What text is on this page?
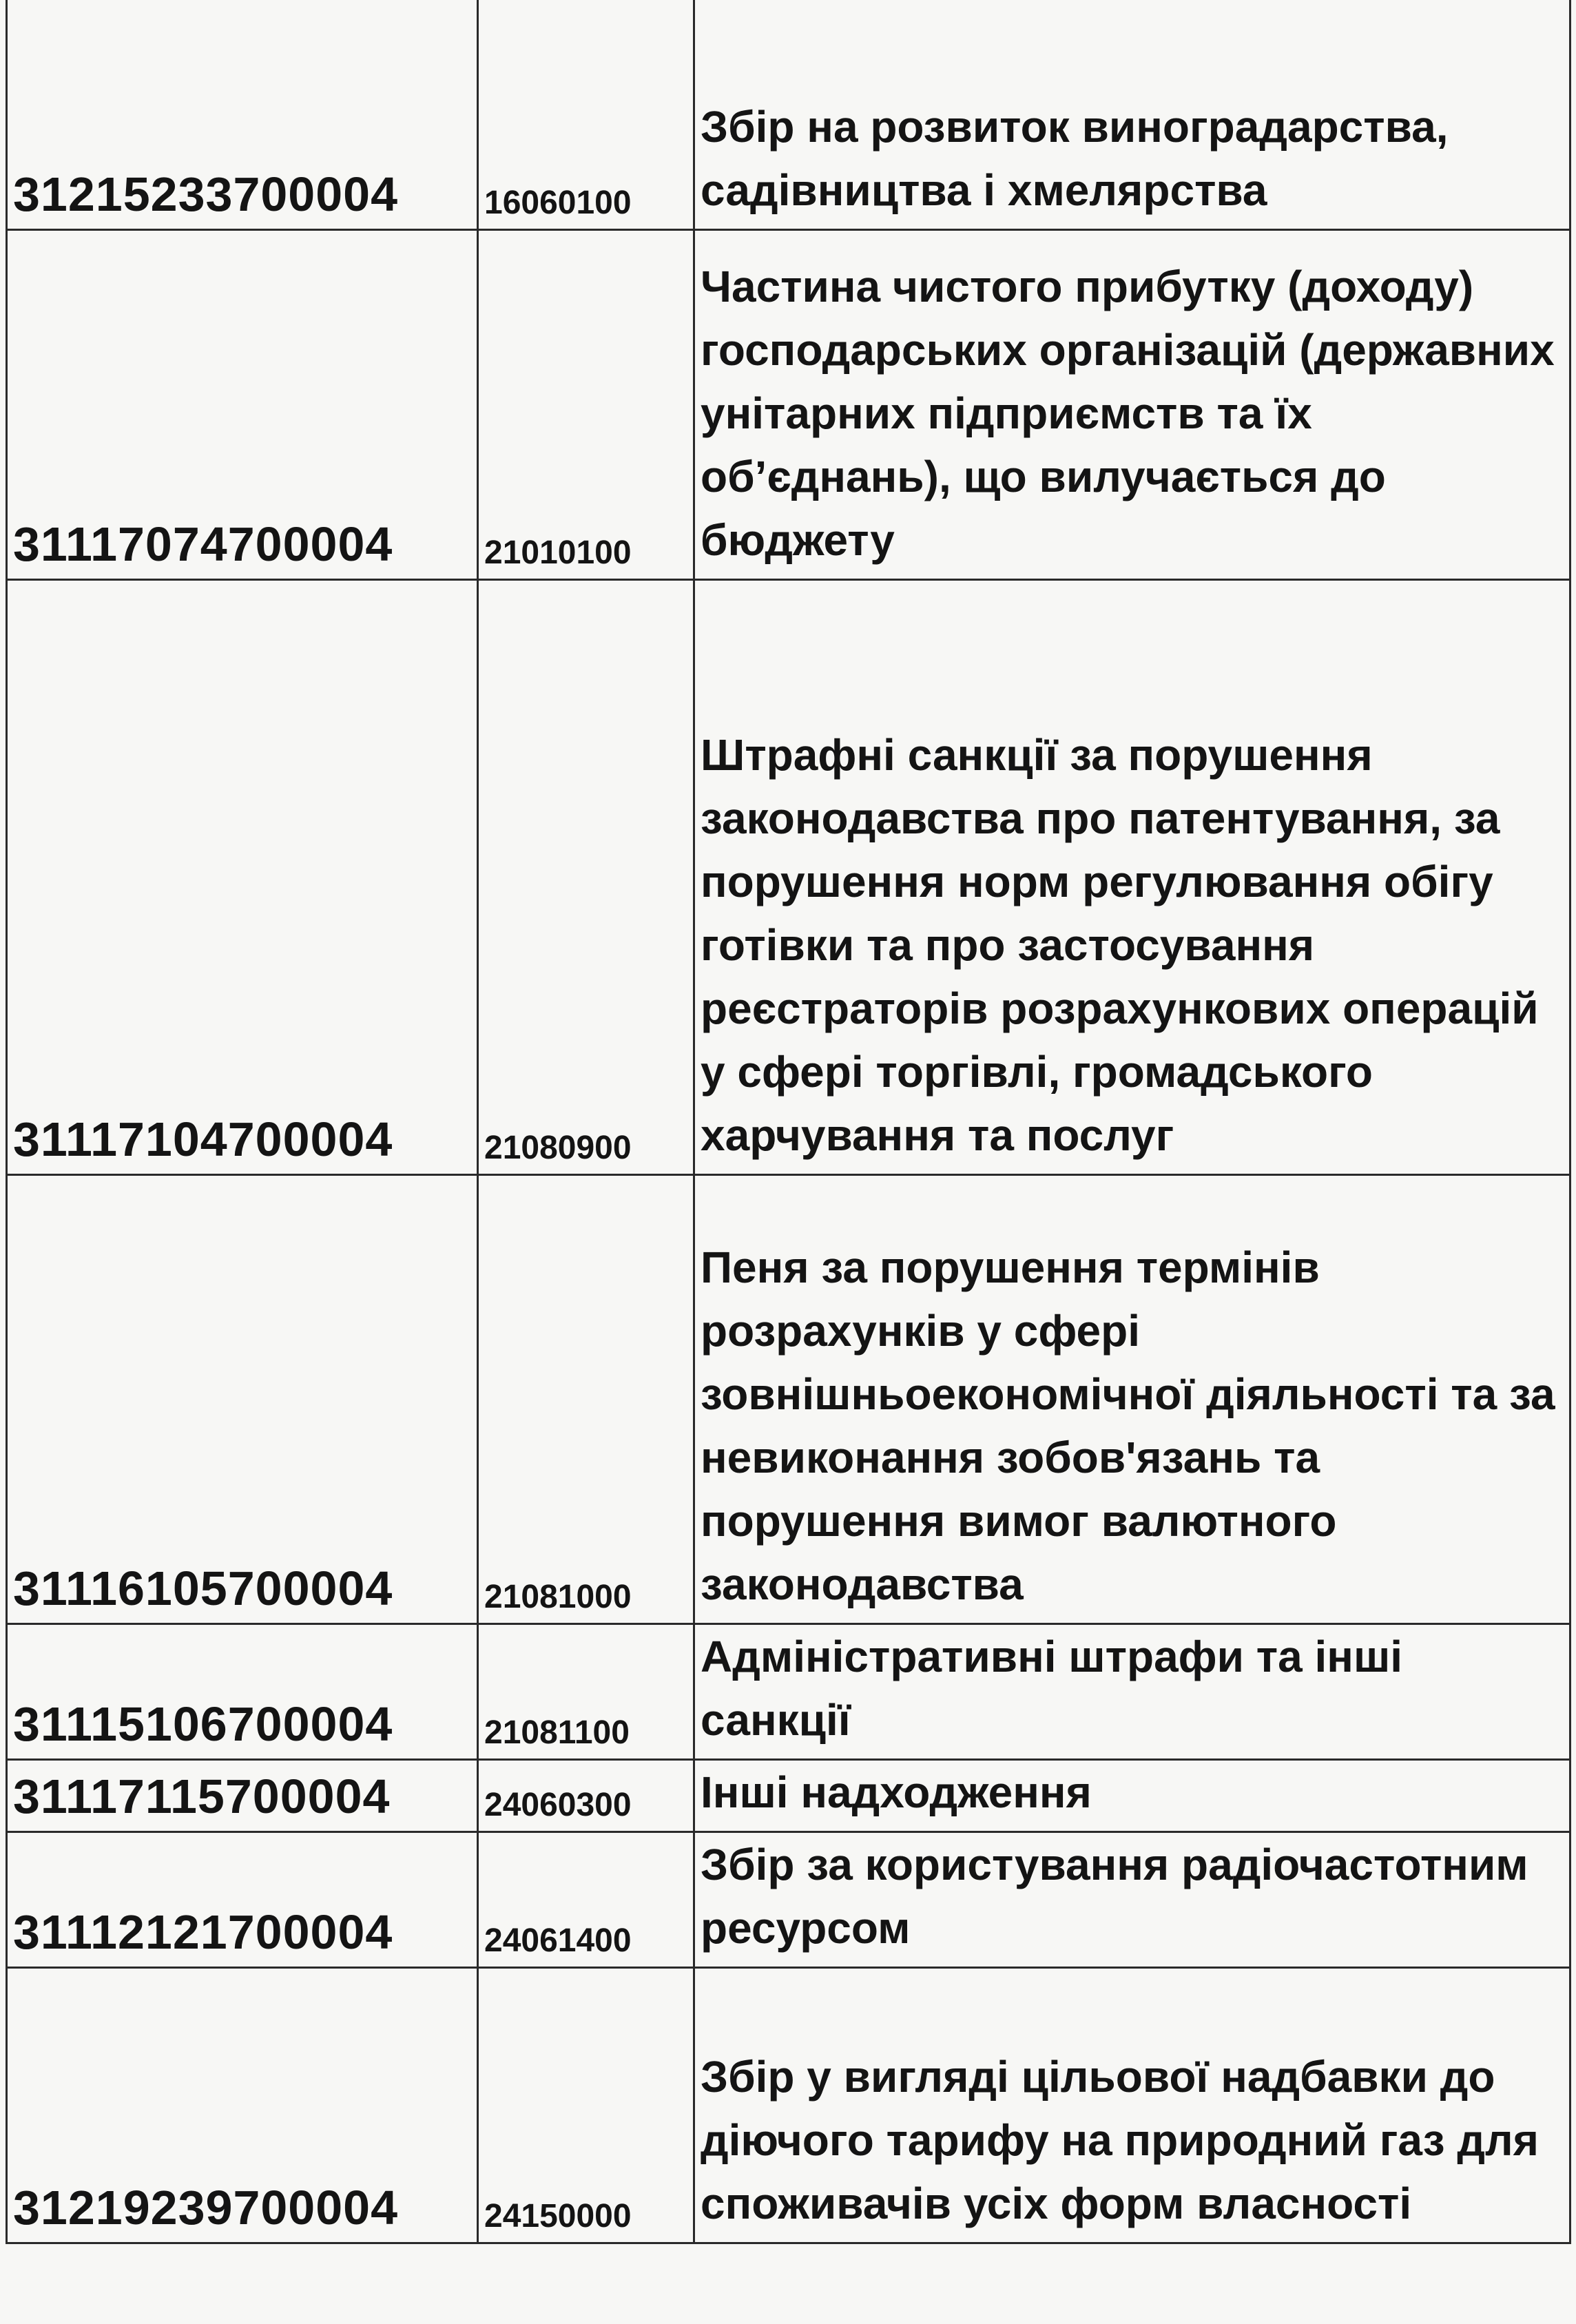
31215233700004	16060100	Збір на розвиток виноградарства, садівництва і хмелярства
31117074700004	21010100	Частина чистого прибутку (доходу) господарських організацій (державних унітарних підприємств та їх об’єднань), що вилучається до бюджету
31117104700004	21080900	Штрафні санкції за порушення законодавства про патентування, за порушення норм регулювання обігу готівки та про застосування реєстраторів розрахункових операцій у сфері торгівлі, громадського харчування та послуг
31116105700004	21081000	Пеня за порушення термінів розрахунків у сфері зовнішньоекономічної діяльності та за невиконання зобов'язань та порушення вимог валютного законодавства
31115106700004	21081100	Адміністративні штрафи та інші санкції
31117115700004	24060300	Інші надходження
31112121700004	24061400	Збір за користування радіочастотним ресурсом
31219239700004	24150000	Збір у вигляді цільової надбавки до діючого тарифу на природний газ для споживачів усіх форм власності
